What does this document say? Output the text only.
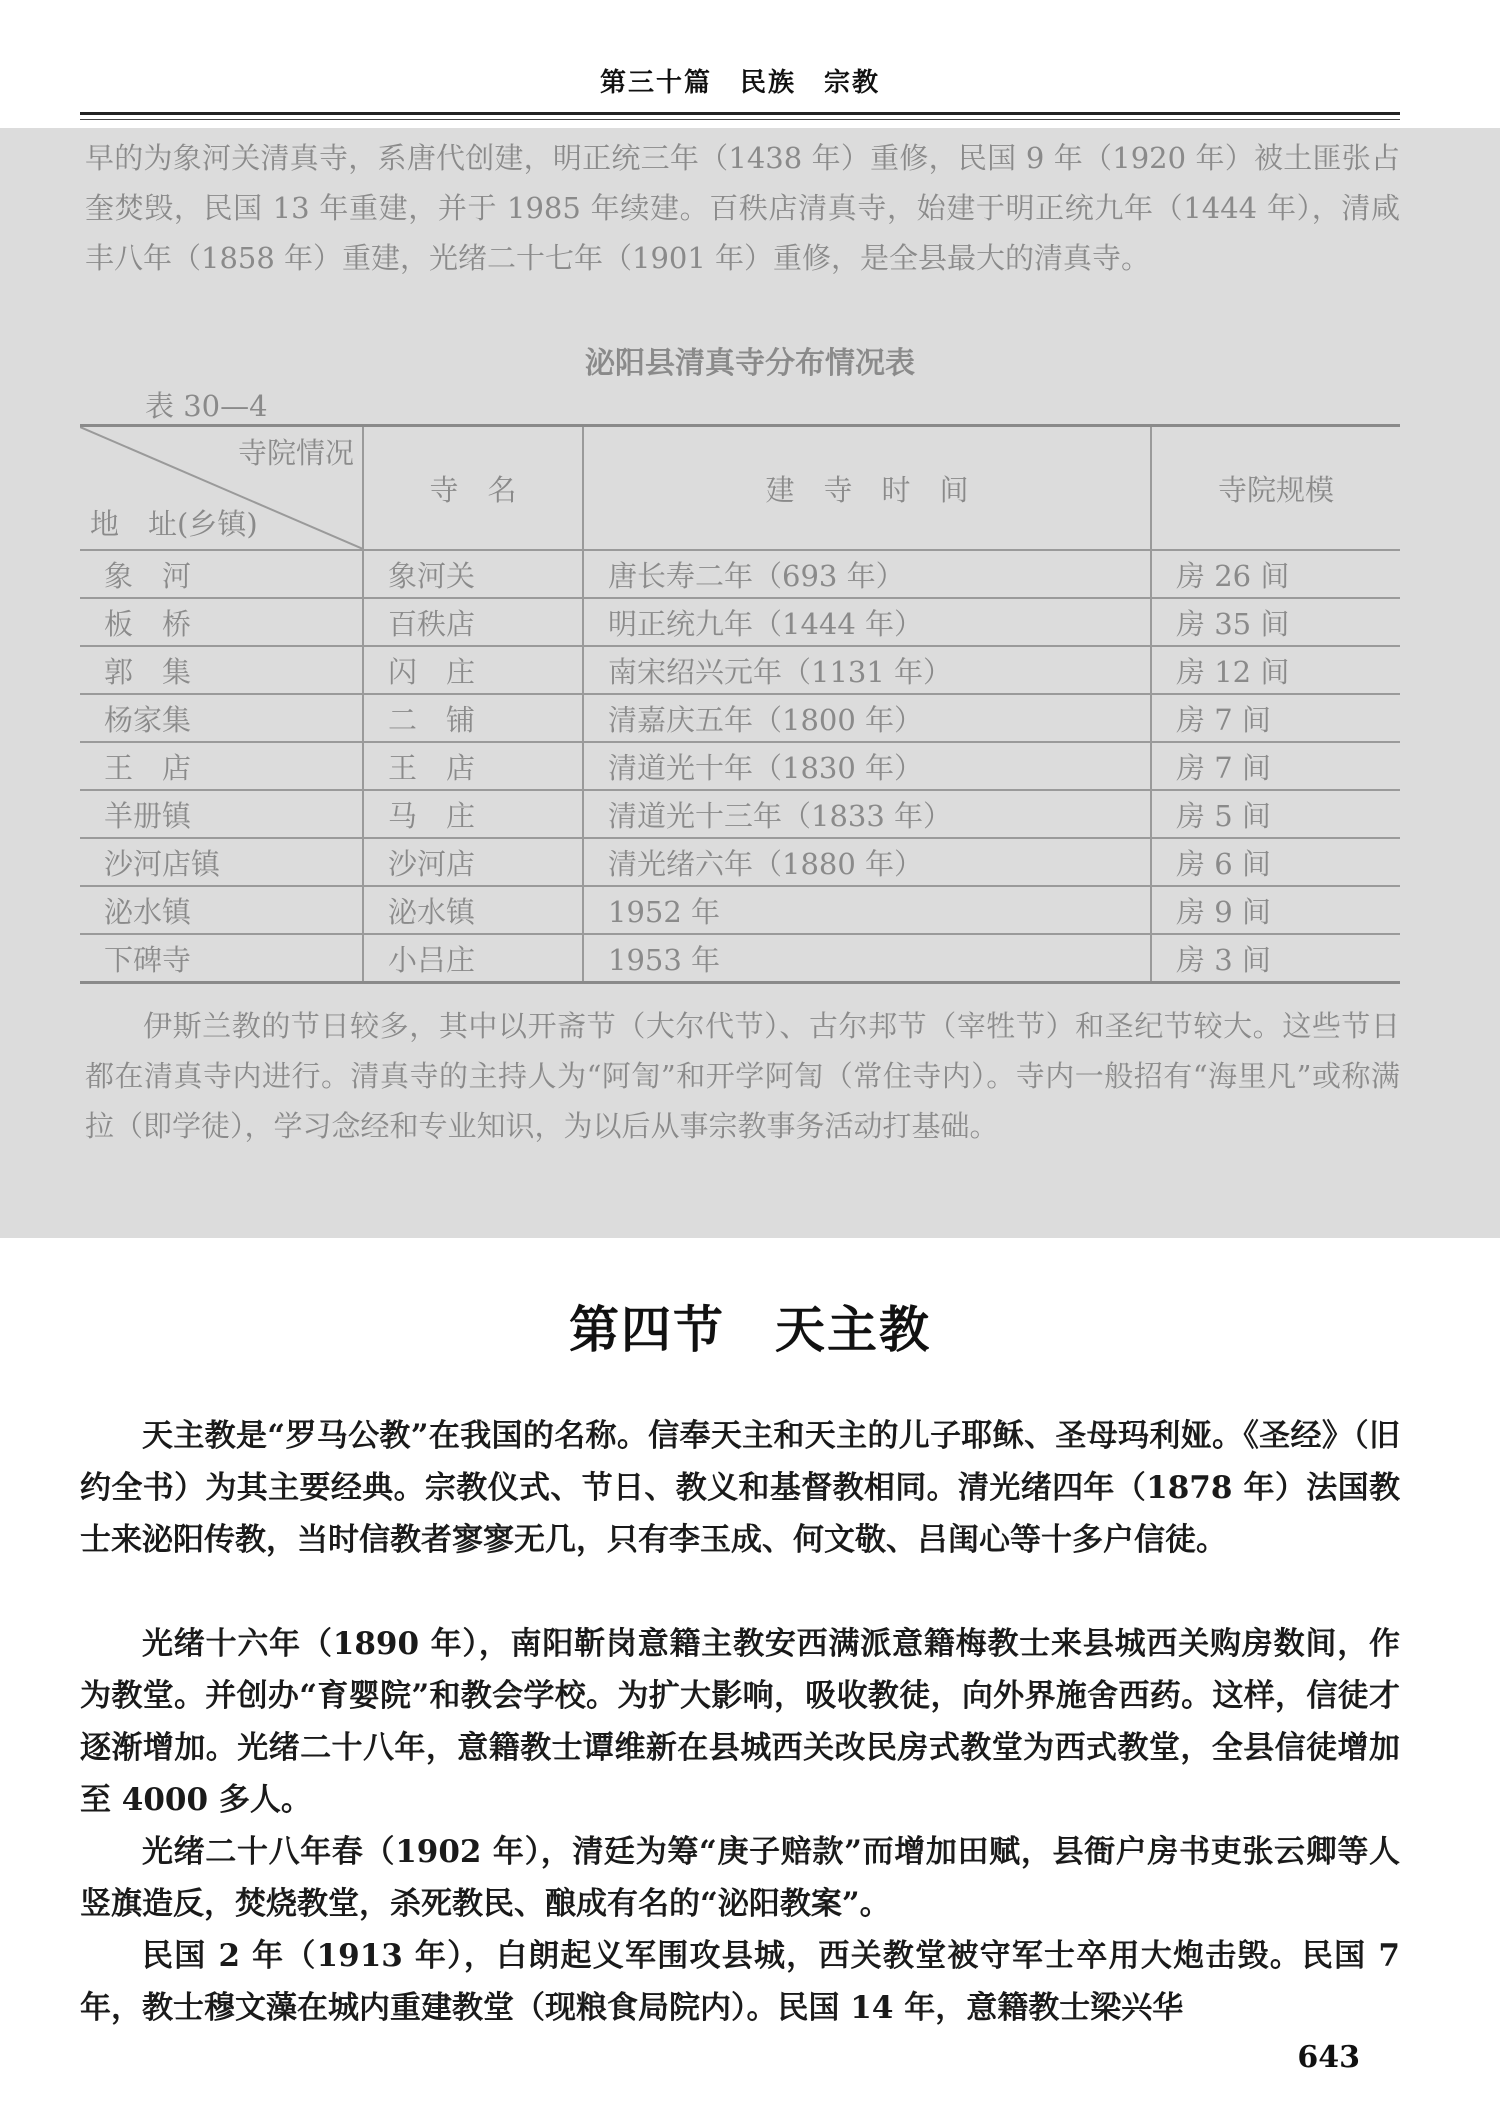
第三十篇　民族　宗教

早的为象河关清真寺，系唐代创建，明正统三年（1438 年）重修，民国 9 年（1920 年）被土匪张占奎焚毁，民国 13 年重建，并于 1985 年续建。百秩店清真寺，始建于明正统九年（1444 年），清咸丰八年（1858 年）重建，光绪二十七年（1901 年）重修，是全县最大的清真寺。

泌阳县清真寺分布情况表
表 30—4
寺院情况
地　址(乡镇)	寺　名	建　寺　时　间	寺院规模
象　河	象河关	唐长寿二年（693 年）	房 26 间
板　桥	百秩店	明正统九年（1444 年）	房 35 间
郭　集	闪　庄	南宋绍兴元年（1131 年）	房 12 间
杨家集	二　铺	清嘉庆五年（1800 年）	房 7 间
王　店	王　店	清道光十年（1830 年）	房 7 间
羊册镇	马　庄	清道光十三年（1833 年）	房 5 间
沙河店镇	沙河店	清光绪六年（1880 年）	房 6 间
泌水镇	泌水镇	1952 年	房 9 间
下碑寺	小吕庄	1953 年	房 3 间

伊斯兰教的节日较多，其中以开斋节（大尔代节）、古尔邦节（宰牲节）和圣纪节较大。这些节日都在清真寺内进行。清真寺的主持人为“阿訇”和开学阿訇（常住寺内）。寺内一般招有“海里凡”或称满拉（即学徒），学习念经和专业知识，为以后从事宗教事务活动打基础。

第四节 天主教

天主教是“罗马公教”在我国的名称。信奉天主和天主的儿子耶稣、圣母玛利娅。《圣经》（旧约全书）为其主要经典。宗教仪式、节日、教义和基督教相同。清光绪四年（1878 年）法国教士来泌阳传教，当时信教者寥寥无几，只有李玉成、何文敬、吕闺心等十多户信徒。

光绪十六年（1890 年），南阳靳岗意籍主教安西满派意籍梅教士来县城西关购房数间，作为教堂。并创办“育婴院”和教会学校。为扩大影响，吸收教徒，向外界施舍西药。这样，信徒才逐渐增加。光绪二十八年，意籍教士谭维新在县城西关改民房式教堂为西式教堂，全县信徒增加至 4000 多人。

光绪二十八年春（1902 年），清廷为筹“庚子赔款”而增加田赋，县衙户房书吏张云卿等人竖旗造反，焚烧教堂，杀死教民、酿成有名的“泌阳教案”。

民国 2 年（1913 年），白朗起义军围攻县城，西关教堂被守军士卒用大炮击毁。民国 7 年，教士穆文藻在城内重建教堂（现粮食局院内）。民国 14 年，意籍教士梁兴华

643
